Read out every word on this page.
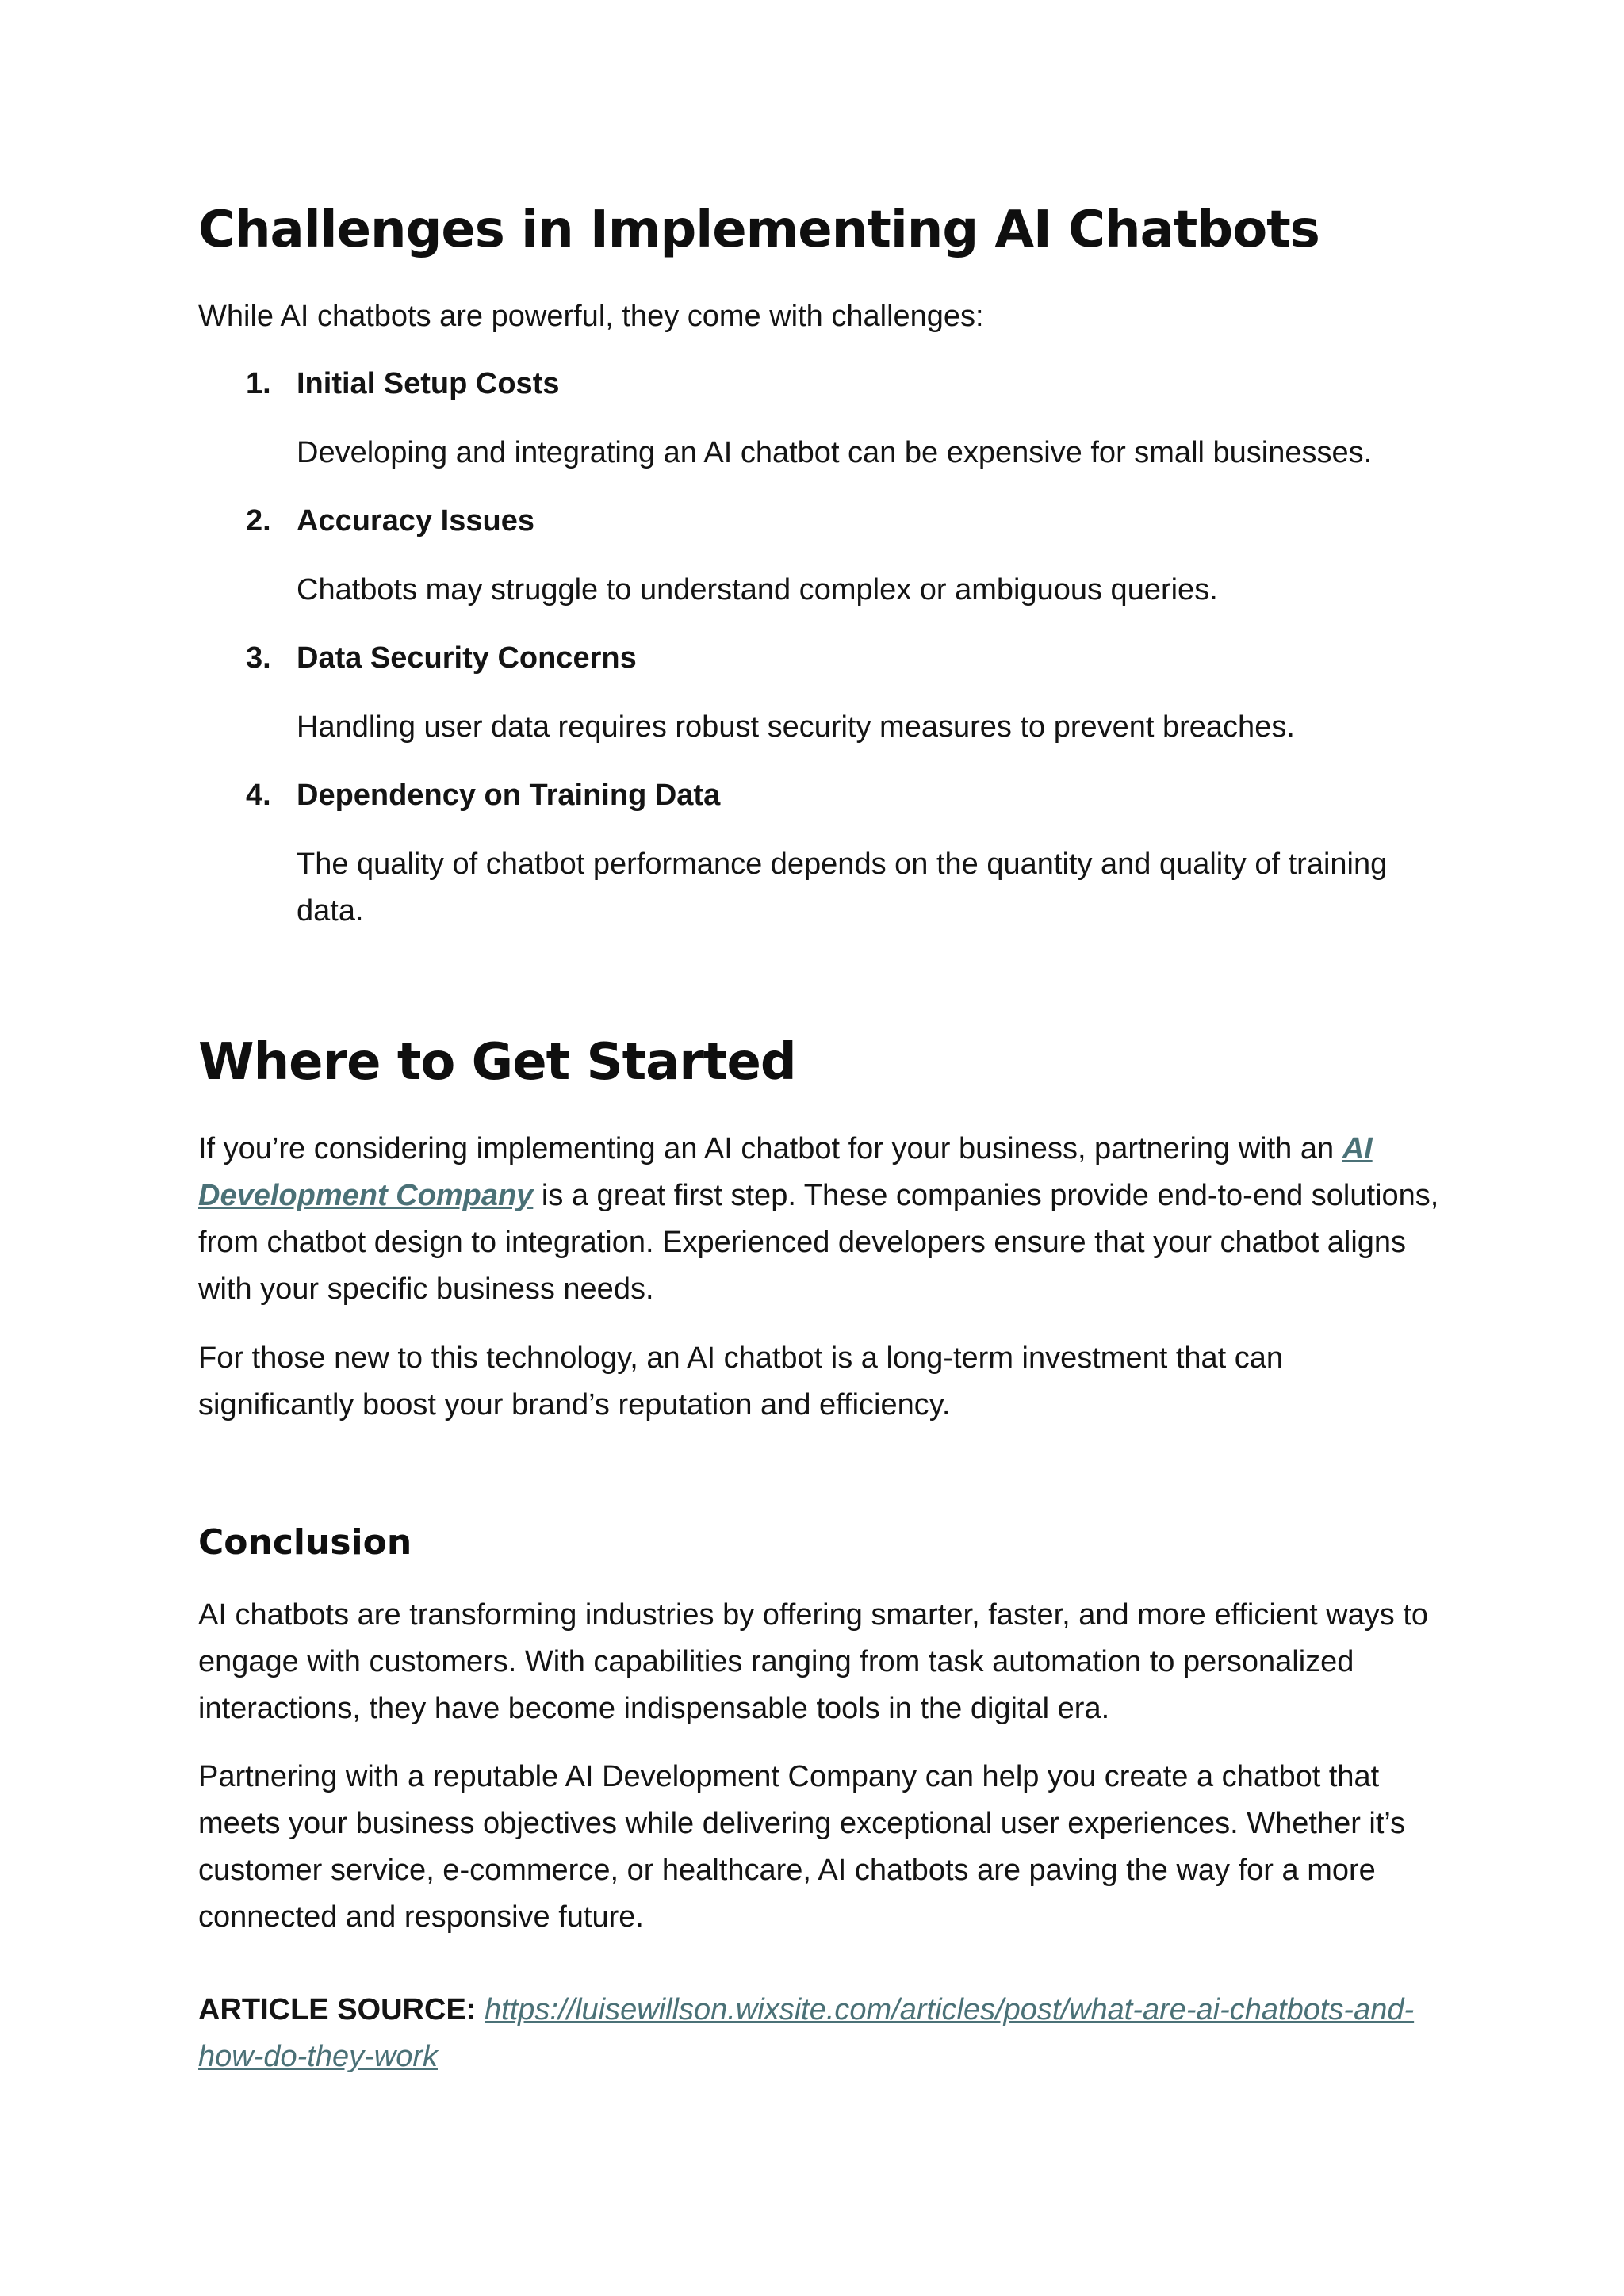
Challenges in Implementing AI Chatbots

While AI chatbots are powerful, they come with challenges:

1. Initial Setup Costs
Developing and integrating an AI chatbot can be expensive for small businesses.
2. Accuracy Issues
Chatbots may struggle to understand complex or ambiguous queries.
3. Data Security Concerns
Handling user data requires robust security measures to prevent breaches.
4. Dependency on Training Data
The quality of chatbot performance depends on the quantity and quality of training data.
Where to Get Started

If you’re considering implementing an AI chatbot for your business, partnering with an AI Development Company is a great first step. These companies provide end-to-end solutions, from chatbot design to integration. Experienced developers ensure that your chatbot aligns with your specific business needs.

For those new to this technology, an AI chatbot is a long-term investment that can significantly boost your brand’s reputation and efficiency.

Conclusion

AI chatbots are transforming industries by offering smarter, faster, and more efficient ways to engage with customers. With capabilities ranging from task automation to personalized interactions, they have become indispensable tools in the digital era.

Partnering with a reputable AI Development Company can help you create a chatbot that meets your business objectives while delivering exceptional user experiences. Whether it’s customer service, e-commerce, or healthcare, AI chatbots are paving the way for a more connected and responsive future.

ARTICLE SOURCE: https://luisewillson.wixsite.com/articles/post/what-are-ai-chatbots-and-how-do-they-work
